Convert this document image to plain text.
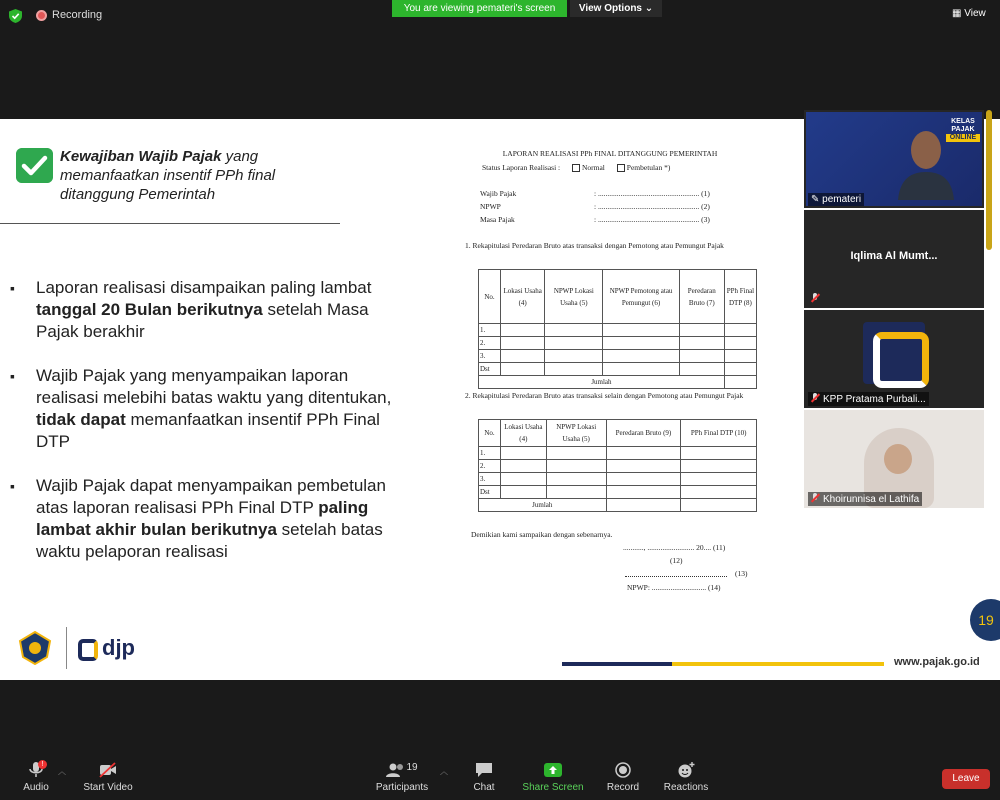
Recording
You are viewing pemateri's screen	View Options ⌄	▦ View
Kewajiban Wajib Pajak yang memanfaatkan insentif PPh final ditanggung Pemerintah
▪ Laporan realisasi disampaikan paling lambat tanggal 20 Bulan berikutnya setelah Masa Pajak berakhir
▪ Wajib Pajak yang menyampaikan laporan realisasi melebihi batas waktu yang ditentukan, tidak dapat memanfaatkan insentif PPh Final DTP
▪ Wajib Pajak dapat menyampaikan pembetulan atas laporan realisasi PPh Final DTP paling lambat akhir bulan berikutnya setelah batas waktu pelaporan realisasi
LAPORAN REALISASI PPh FINAL DITANGGUNG PEMERINTAH
Status Laporan Realisasi :	Normal	Pembetulan *)
Wajib Pajak	: ...................................................... (1)
NPWP	: ...................................................... (2)
Masa Pajak	: ...................................................... (3)
1. Rekapitulasi Peredaran Bruto atas transaksi dengan Pemotong atau Pemungut Pajak
No.	Lokasi Usaha (4)	NPWP Lokasi Usaha (5)	NPWP Pemotong atau Pemungut (6)	Peredaran Bruto (7)	PPh Final DTP (8)
1.					
2.					
3.					
Dst					
Jumlah					
2. Rekapitulasi Peredaran Bruto atas transaksi selain dengan Pemotong atau Pemungut Pajak
No.	Lokasi Usaha (4)	NPWP Lokasi Usaha (5)	Peredaran Bruto (9)	PPh Final DTP (10)
1.				
2.				
3.				
Dst				
Jumlah				
Demikian kami sampaikan dengan sebenarnya.
..........., ......................... 20.... (11)
(12)
(13)
NPWP: ............................. (14)
djp
www.pajak.go.id
19
KELAS
PAJAK
ONLINE
✎ pemateri
Iqlima Al Mumt...
KPP Pratama Purbali...
Khoirunnisa el Lathifa
Audio
︿
Start Video
19
Participants
︿
Chat	Share Screen	Record	Reactions
!
Leave
